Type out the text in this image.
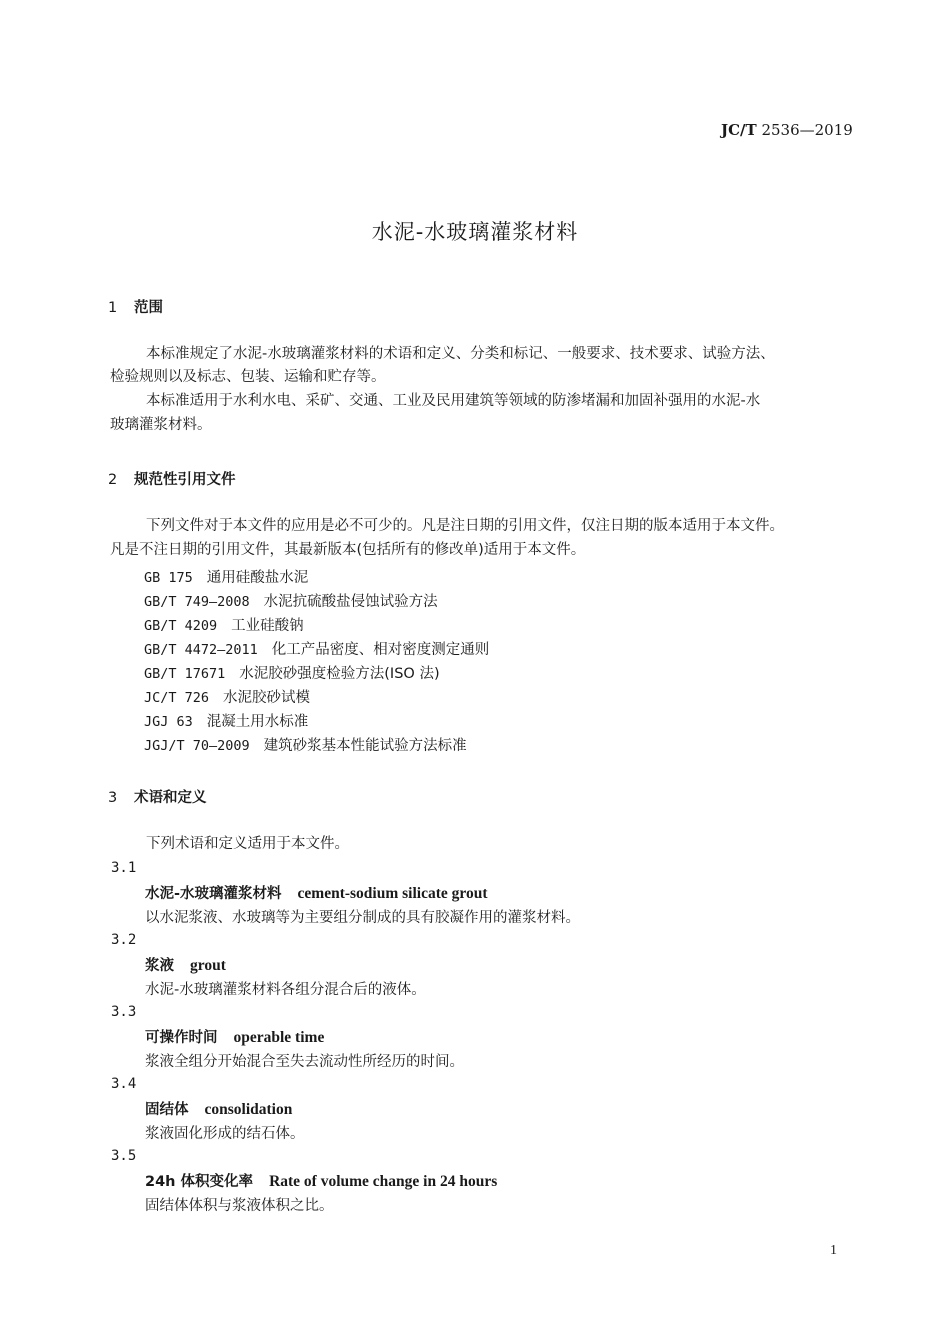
JC/T 2536—2019
水泥-水玻璃灌浆材料
1 范围
本标准规定了水泥-水玻璃灌浆材料的术语和定义、分类和标记、一般要求、技术要求、试验方法、
检验规则以及标志、包装、运输和贮存等。
本标准适用于水利水电、采矿、交通、工业及民用建筑等领域的防渗堵漏和加固补强用的水泥-水
玻璃灌浆材料。
2 规范性引用文件
下列文件对于本文件的应用是必不可少的。凡是注日期的引用文件，仅注日期的版本适用于本文件。
凡是不注日期的引用文件，其最新版本(包括所有的修改单)适用于本文件。
GB 175 通用硅酸盐水泥
GB/T 749—2008 水泥抗硫酸盐侵蚀试验方法
GB/T 4209 工业硅酸钠
GB/T 4472—2011 化工产品密度、相对密度测定通则
GB/T 17671 水泥胶砂强度检验方法(ISO 法)
JC/T 726 水泥胶砂试模
JGJ 63 混凝土用水标准
JGJ/T 70—2009 建筑砂浆基本性能试验方法标准
3 术语和定义
下列术语和定义适用于本文件。
3.1
水泥-水玻璃灌浆材料 cement-sodium silicate grout
以水泥浆液、水玻璃等为主要组分制成的具有胶凝作用的灌浆材料。
3.2
浆液 grout
水泥-水玻璃灌浆材料各组分混合后的液体。
3.3
可操作时间 operable time
浆液全组分开始混合至失去流动性所经历的时间。
3.4
固结体 consolidation
浆液固化形成的结石体。
3.5
24h 体积变化率 Rate of volume change in 24 hours
固结体体积与浆液体积之比。
1
